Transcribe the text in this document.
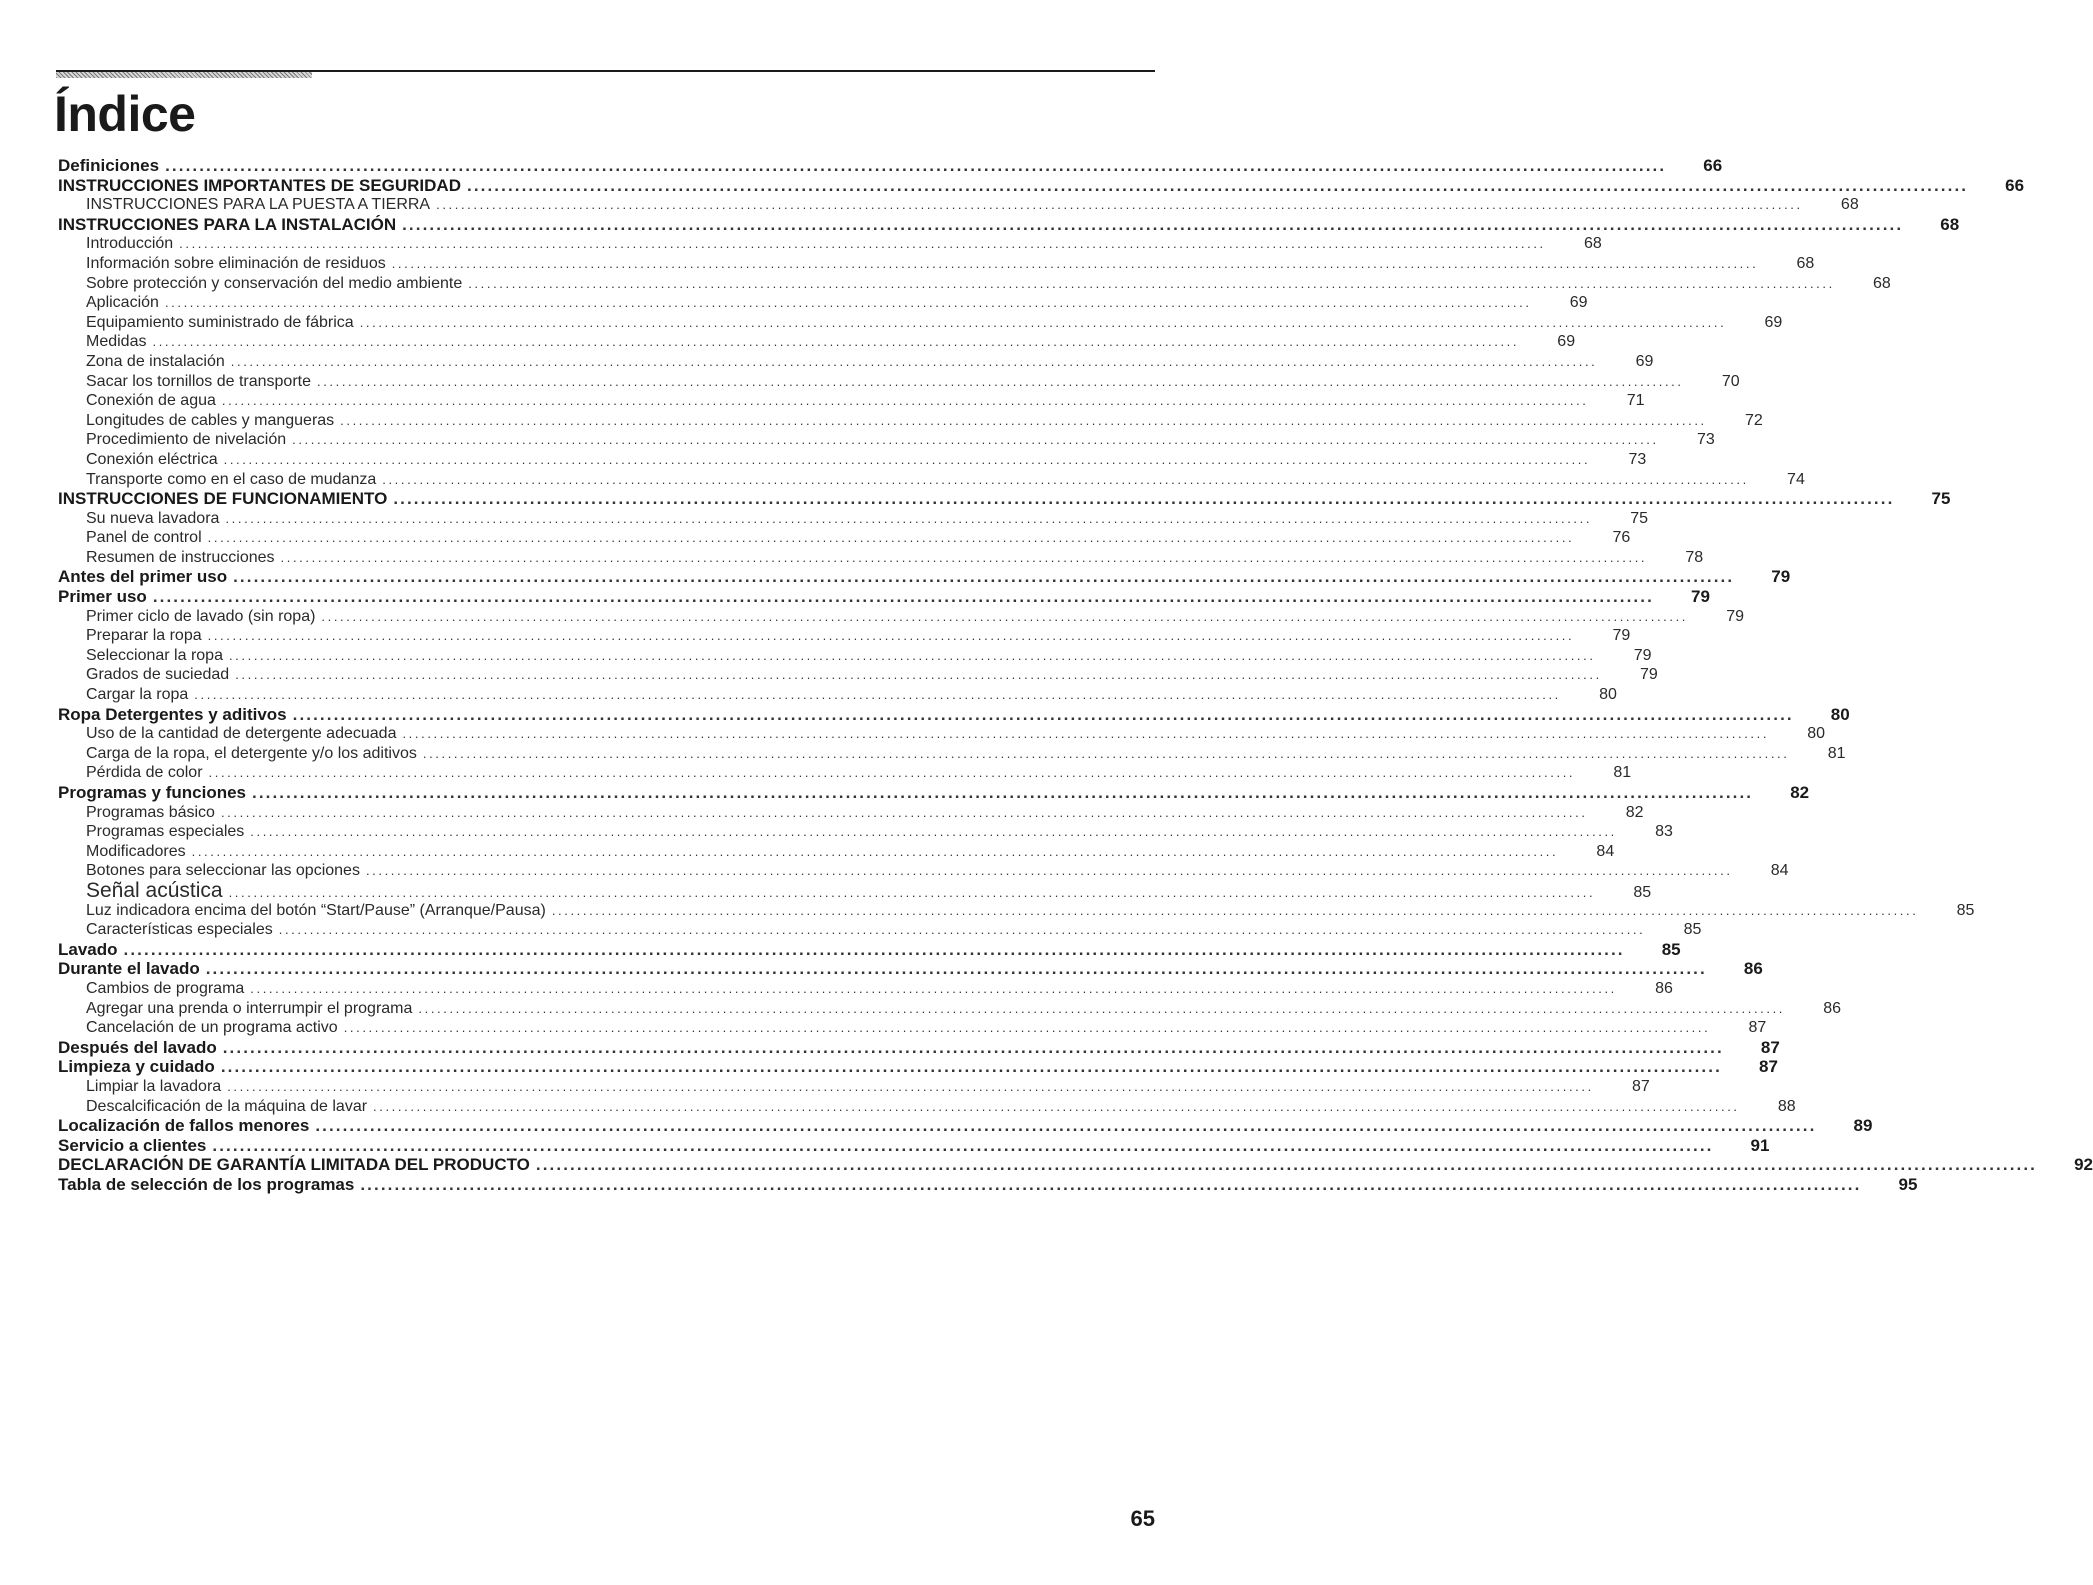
Índice
Definiciones ............................................................................................................................................................................................................................	66
INSTRUCCIONES IMPORTANTES DE SEGURIDAD ............................................................................................................................................................................................................................	66
INSTRUCCIONES PARA LA PUESTA A TIERRA ............................................................................................................................................................................................................................	68
INSTRUCCIONES PARA LA INSTALACIÓN ............................................................................................................................................................................................................................	68
Introducción ............................................................................................................................................................................................................................	68
Información sobre eliminación de residuos ............................................................................................................................................................................................................................	68
Sobre protección y conservación del medio ambiente ............................................................................................................................................................................................................................	68
Aplicación ............................................................................................................................................................................................................................	69
Equipamiento suministrado de fábrica ............................................................................................................................................................................................................................	69
Medidas ............................................................................................................................................................................................................................	69
Zona de instalación ............................................................................................................................................................................................................................	69
Sacar los tornillos de transporte ............................................................................................................................................................................................................................	70
Conexión de agua ............................................................................................................................................................................................................................	71
Longitudes de cables y mangueras ............................................................................................................................................................................................................................	72
Procedimiento de nivelación ............................................................................................................................................................................................................................	73
Conexión eléctrica ............................................................................................................................................................................................................................	73
Transporte como en el caso de mudanza ............................................................................................................................................................................................................................	74
INSTRUCCIONES DE FUNCIONAMIENTO ............................................................................................................................................................................................................................	75
Su nueva lavadora ............................................................................................................................................................................................................................	75
Panel de control ............................................................................................................................................................................................................................	76
Resumen de instrucciones ............................................................................................................................................................................................................................	78
Antes del primer uso ............................................................................................................................................................................................................................	79
Primer uso ............................................................................................................................................................................................................................	79
Primer ciclo de lavado (sin ropa) ............................................................................................................................................................................................................................	79
Preparar la ropa ............................................................................................................................................................................................................................	79
Seleccionar la ropa ............................................................................................................................................................................................................................	79
Grados de suciedad ............................................................................................................................................................................................................................	79
Cargar la ropa ............................................................................................................................................................................................................................	80
Ropa Detergentes y aditivos ............................................................................................................................................................................................................................	80
Uso de la cantidad de detergente adecuada ............................................................................................................................................................................................................................	80
Carga de la ropa, el detergente y/o los aditivos ............................................................................................................................................................................................................................	81
Pérdida de color ............................................................................................................................................................................................................................	81
Programas y funciones ............................................................................................................................................................................................................................	82
Programas básico ............................................................................................................................................................................................................................	82
Programas especiales ............................................................................................................................................................................................................................	83
Modificadores ............................................................................................................................................................................................................................	84
Botones para seleccionar las opciones ............................................................................................................................................................................................................................	84
Señal acústica ............................................................................................................................................................................................................................	85
Luz indicadora encima del botón “Start/Pause” (Arranque/Pausa) ............................................................................................................................................................................................................................	85
Características especiales ............................................................................................................................................................................................................................	85
Lavado ............................................................................................................................................................................................................................	85
Durante el lavado ............................................................................................................................................................................................................................	86
Cambios de programa ............................................................................................................................................................................................................................	86
Agregar una prenda o interrumpir el programa ............................................................................................................................................................................................................................	86
Cancelación de un programa activo ............................................................................................................................................................................................................................	87
Después del lavado ............................................................................................................................................................................................................................	87
Limpieza y cuidado ............................................................................................................................................................................................................................	87
Limpiar la lavadora ............................................................................................................................................................................................................................	87
Descalcificación de la máquina de lavar ............................................................................................................................................................................................................................	88
Localización de fallos menores ............................................................................................................................................................................................................................	89
Servicio a clientes ............................................................................................................................................................................................................................	91
DECLARACIÓN DE GARANTÍA LIMITADA DEL PRODUCTO ............................................................................................................................................................................................................................	92
Tabla de selección de los programas ............................................................................................................................................................................................................................	95
65
